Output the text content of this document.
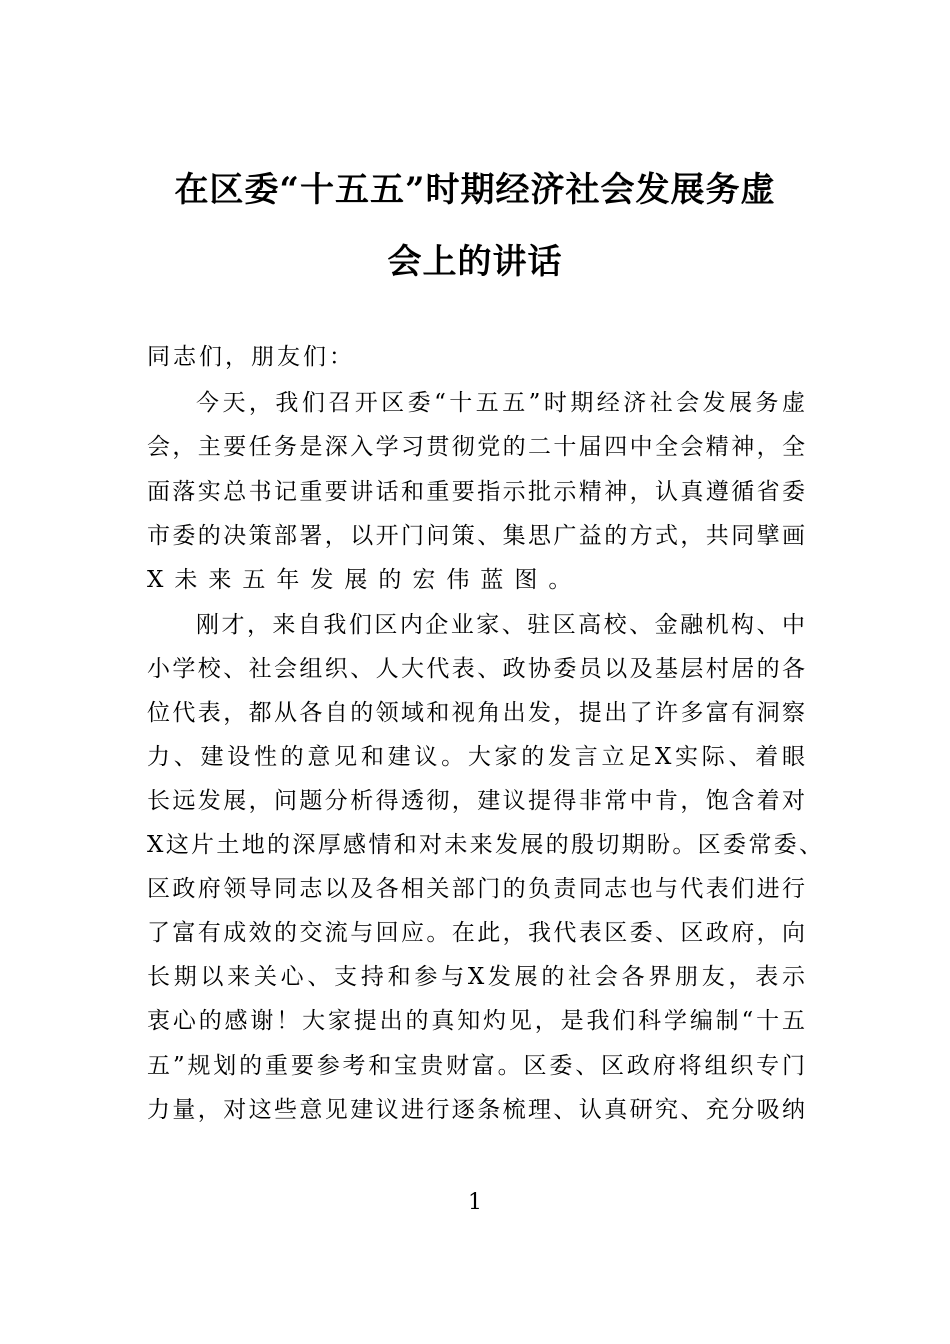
在区委“十五五”时期经济社会发展务虚
会上的讲话
同志们，朋友们：
今天，我们召开区委“十五五”时期经济社会发展务虚
会，主要任务是深入学习贯彻党的二十届四中全会精神，全
面落实总书记重要讲话和重要指示批示精神，认真遵循省委
市委的决策部署，以开门问策、集思广益的方式，共同擘画
X未来五年发展的宏伟蓝图。
刚才，来自我们区内企业家、驻区高校、金融机构、中
小学校、社会组织、人大代表、政协委员以及基层村居的各
位代表，都从各自的领域和视角出发，提出了许多富有洞察
力、建设性的意见和建议。大家的发言立足X实际、着眼
长远发展，问题分析得透彻，建议提得非常中肯，饱含着对
X这片土地的深厚感情和对未来发展的殷切期盼。区委常委、
区政府领导同志以及各相关部门的负责同志也与代表们进行
了富有成效的交流与回应。在此，我代表区委、区政府，向
长期以来关心、支持和参与X发展的社会各界朋友，表示
衷心的感谢！大家提出的真知灼见，是我们科学编制“十五
五”规划的重要参考和宝贵财富。区委、区政府将组织专门
力量，对这些意见建议进行逐条梳理、认真研究、充分吸纳
1
